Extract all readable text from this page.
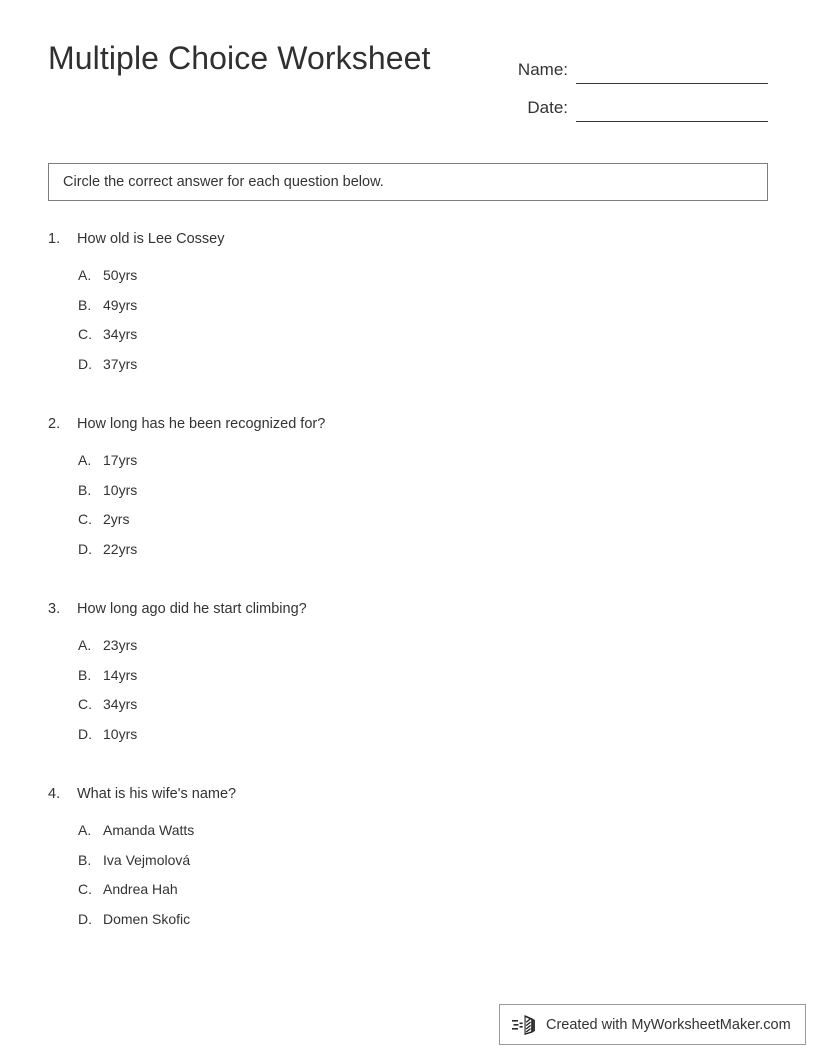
Multiple Choice Worksheet	Name:
Date:
Circle the correct answer for each question below.
1.	How old is Lee Cossey
A. 50yrs
B. 49yrs
C. 34yrs
D. 37yrs
2.	How long has he been recognized for?
A. 17yrs
B. 10yrs
C. 2yrs
D. 22yrs
3.	How long ago did he start climbing?
A. 23yrs
B. 14yrs
C. 34yrs
D. 10yrs
4.	What is his wife's name?
A. Amanda Watts
B. Iva Vejmolová
C. Andrea Hah
D. Domen Skofic
Created with MyWorksheetMaker.com
